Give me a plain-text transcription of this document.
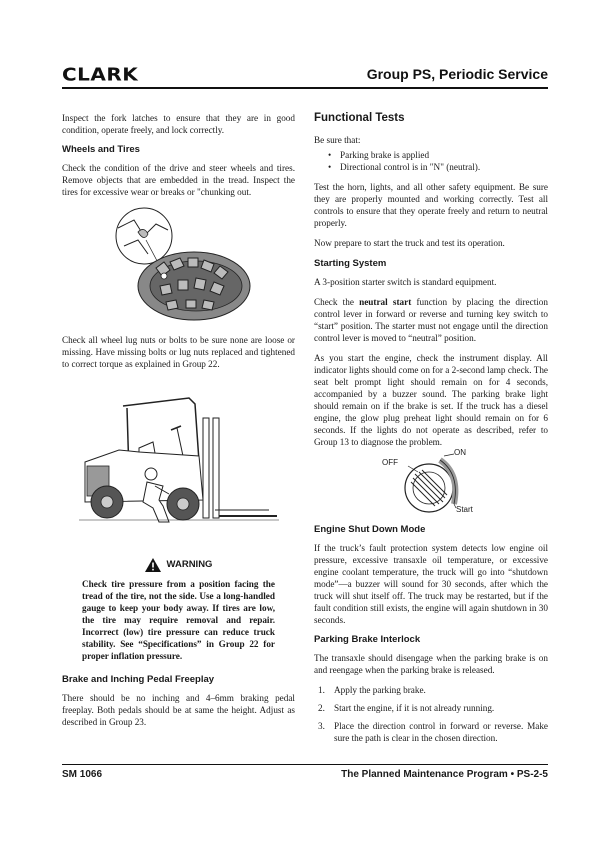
CLARK	Group PS, Periodic Service

Inspect the fork latches to ensure that they are in good condition, operate freely, and lock correctly.

Wheels and Tires

Check the condition of the drive and steer wheels and tires. Remove objects that are embedded in the tread. Inspect the tires for excessive wear or breaks or "chunking out.

Check all wheel lug nuts or bolts to be sure none are loose or missing. Have missing bolts or lug nuts replaced and tightened to correct torque as explained in Group 22.

WARNING

Check tire pressure from a position facing the tread of the tire, not the side. Use a long-handled gauge to keep your body away. If tires are low, the tire may require removal and repair. Incorrect (low) tire pressure can reduce truck stability. See “Specifications” in Group 22 for proper inflation pressure.

Brake and Inching Pedal Freeplay

There should be no inching and 4–6mm braking pedal freeplay. Both pedals should be at same the height. Adjust as described in Group 23.

Functional Tests

Be sure that:

• Parking brake is applied
• Directional control is in "N" (neutral).

Test the horn, lights, and all other safety equipment. Be sure they are properly mounted and working correctly. Test all controls to ensure that they operate freely and return to neutral properly.

Now prepare to start the truck and test its operation.

Starting System

A 3-position starter switch is standard equipment.

Check the neutral start function by placing the direction control lever in forward or reverse and turning key switch to “start” position. The starter must not engage until the direction control lever is moved to “neutral” position.

As you start the engine, check the instrument display. All indicator lights should come on for a 2-second lamp check. The seat belt prompt light should remain on for 4 seconds, accompanied by a buzzer sound. The parking brake light should remain on if the brake is set. If the truck has a diesel engine, the glow plug preheat light should remain on for 6 seconds. If the lights do not operate as described, refer to Group 13 to diagnose the problem.

OFF
ON
Start
Engine Shut Down Mode

If the truck’s fault protection system detects low engine oil pressure, excessive transaxle oil temperature, or excessive engine coolant temperature, the truck will go into “shutdown mode”—a buzzer will sound for 30 seconds, after which the truck will shut itself off. The truck may be restarted, but if the fault condition still exists, the engine will again shutdown in 30 seconds.

Parking Brake Interlock

The transaxle should disengage when the parking brake is on and reengage when the parking brake is released.

1. Apply the parking brake.
2. Start the engine, if it is not already running.
3. Place the direction control in forward or reverse. Make sure the path is clear in the chosen direction.
SM 1066	The Planned Maintenance Program • PS-2-5
